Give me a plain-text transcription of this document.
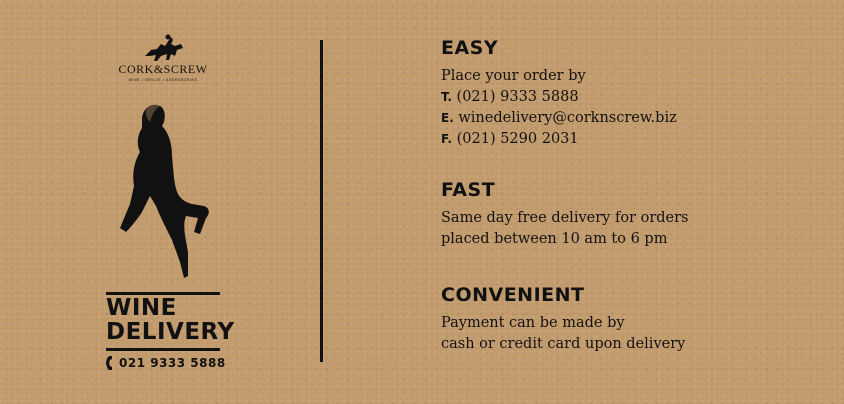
CORK&SCREW
WINE • GRILLE • ASSESSORIES
WINE
DELIVERY
021 9333 5888
EASY
Place your order by
T. (021) 9333 5888
E. winedelivery@corknscrew.biz
F. (021) 5290 2031
FAST
Same day free delivery for orders
placed between 10 am to 6 pm
CONVENIENT
Payment can be made by
cash or credit card upon delivery
